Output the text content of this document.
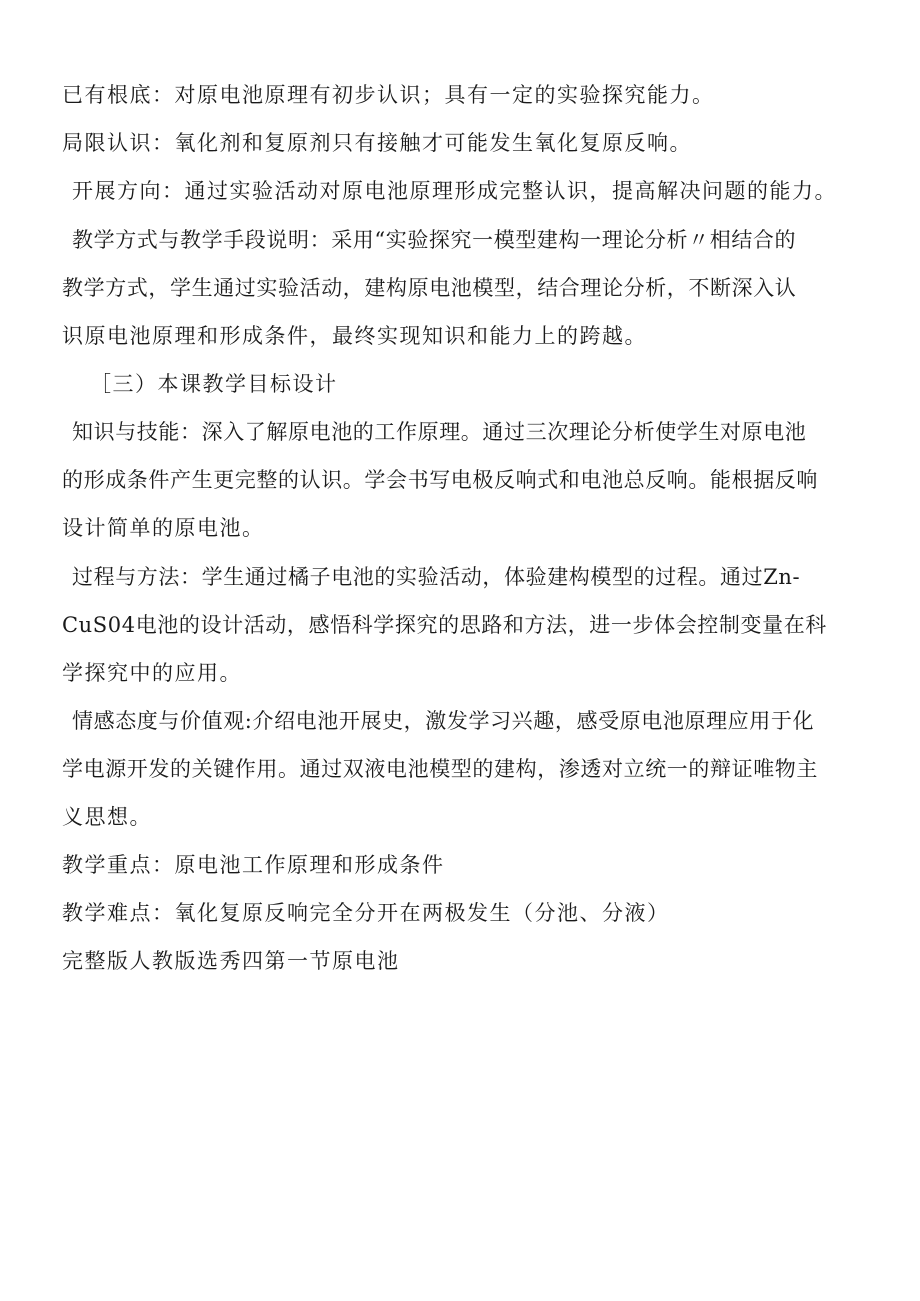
已有根底：对原电池原理有初步认识；具有一定的实验探究能力。
局限认识：氧化剂和复原剂只有接触才可能发生氧化复原反响。
开展方向：通过实验活动对原电池原理形成完整认识，提高解决问题的能力。
教学方式与教学手段说明：采用“实验探究一模型建构一理论分析〃相结合的
教学方式，学生通过实验活动，建构原电池模型，结合理论分析，不断深入认
识原电池原理和形成条件，最终实现知识和能力上的跨越。
［三）本课教学目标设计
知识与技能：深入了解原电池的工作原理。通过三次理论分析使学生对原电池
的形成条件产生更完整的认识。学会书写电极反响式和电池总反响。能根据反响
设计简单的原电池。
过程与方法：学生通过橘子电池的实验活动，体验建构模型的过程。通过Zn-
CuS04电池的设计活动，感悟科学探究的思路和方法，进一步体会控制变量在科
学探究中的应用。
情感态度与价值观:介绍电池开展史，激发学习兴趣，感受原电池原理应用于化
学电源开发的关键作用。通过双液电池模型的建构，渗透对立统一的辩证唯物主
义思想。
教学重点：原电池工作原理和形成条件
教学难点：氧化复原反响完全分开在两极发生（分池、分液）
完整版人教版选秀四第一节原电池
